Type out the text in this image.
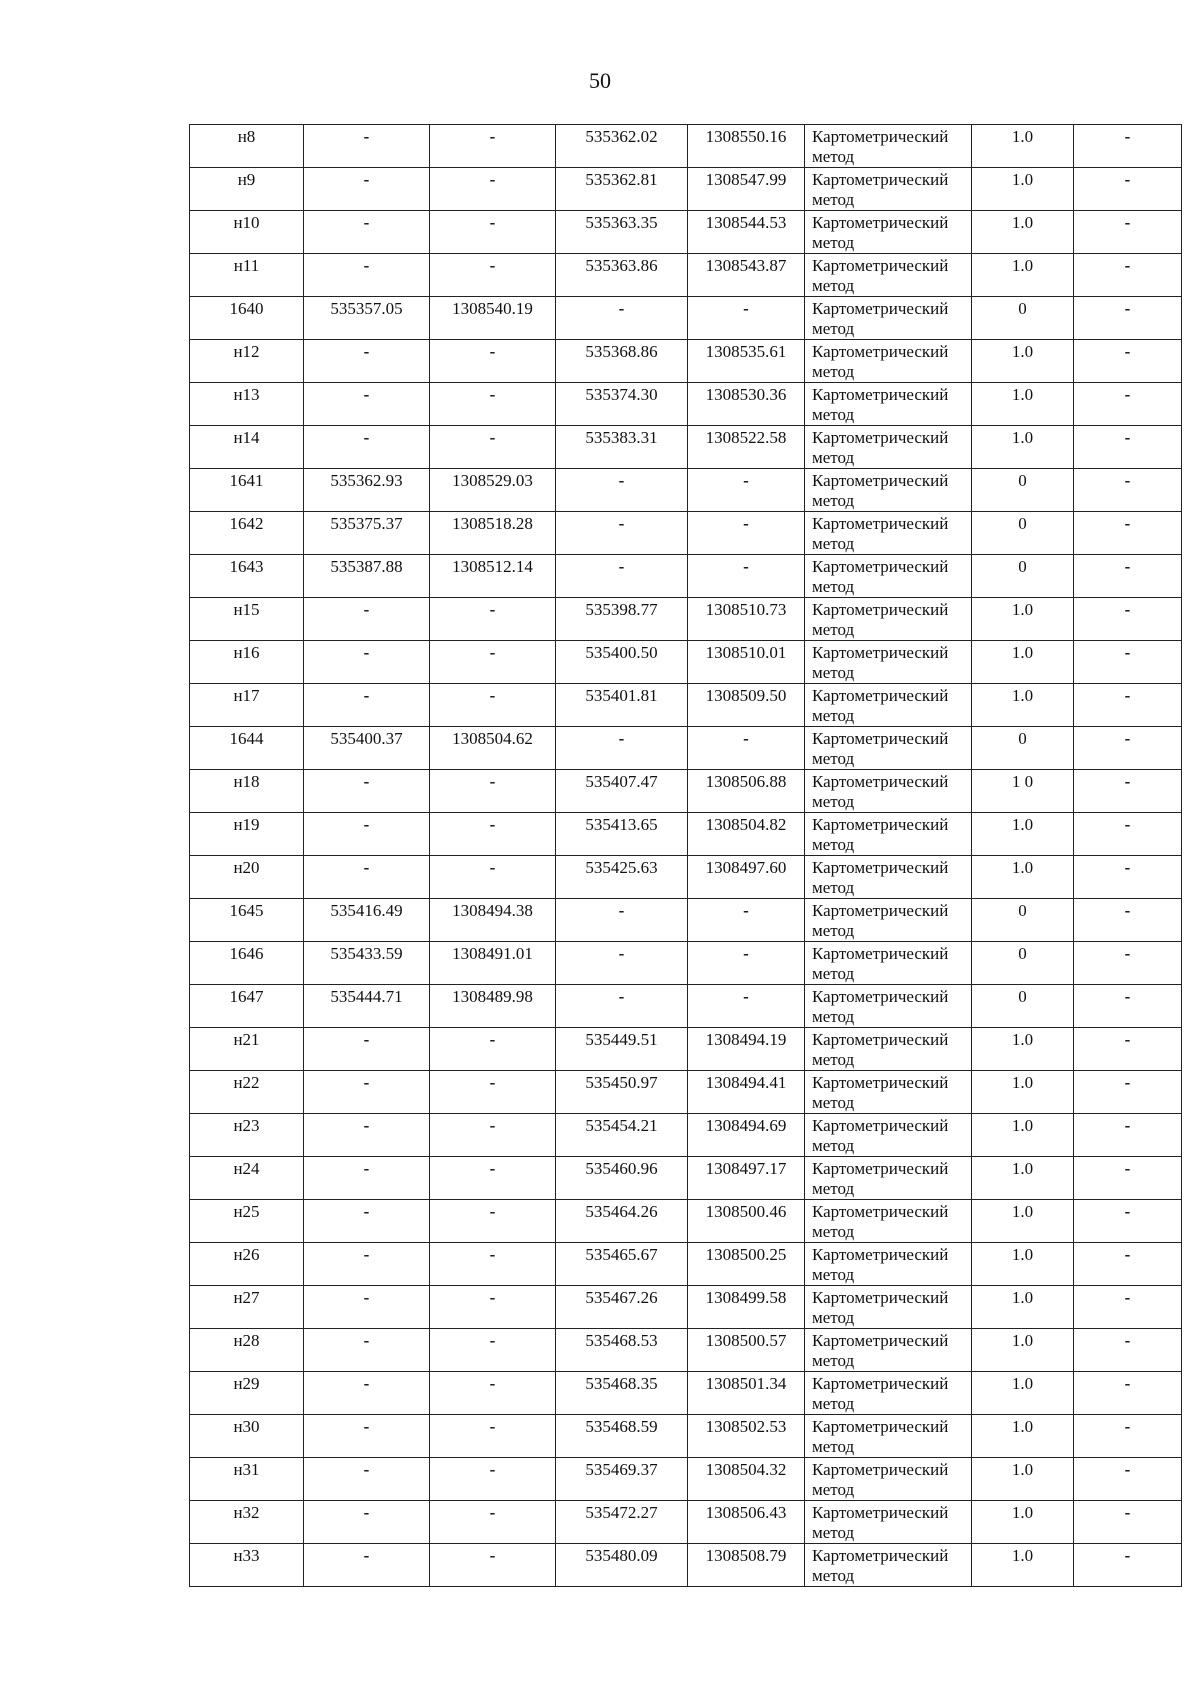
50
н8	-	-	535362.02	1308550.16	Картометрический метод	1.0	-
н9	-	-	535362.81	1308547.99	Картометрический метод	1.0	-
н10	-	-	535363.35	1308544.53	Картометрический метод	1.0	-
н11	-	-	535363.86	1308543.87	Картометрический метод	1.0	-
1640	535357.05	1308540.19	-	-	Картометрический метод	0	-
н12	-	-	535368.86	1308535.61	Картометрический метод	1.0	-
н13	-	-	535374.30	1308530.36	Картометрический метод	1.0	-
н14	-	-	535383.31	1308522.58	Картометрический метод	1.0	-
1641	535362.93	1308529.03	-	-	Картометрический метод	0	-
1642	535375.37	1308518.28	-	-	Картометрический метод	0	-
1643	535387.88	1308512.14	-	-	Картометрический метод	0	-
н15	-	-	535398.77	1308510.73	Картометрический метод	1.0	-
н16	-	-	535400.50	1308510.01	Картометрический метод	1.0	-
н17	-	-	535401.81	1308509.50	Картометрический метод	1.0	-
1644	535400.37	1308504.62	-	-	Картометрический метод	0	-
н18	-	-	535407.47	1308506.88	Картометрический метод	1 0	-
н19	-	-	535413.65	1308504.82	Картометрический метод	1.0	-
н20	-	-	535425.63	1308497.60	Картометрический метод	1.0	-
1645	535416.49	1308494.38	-	-	Картометрический метод	0	-
1646	535433.59	1308491.01	-	-	Картометрический метод	0	-
1647	535444.71	1308489.98	-	-	Картометрический метод	0	-
н21	-	-	535449.51	1308494.19	Картометрический метод	1.0	-
н22	-	-	535450.97	1308494.41	Картометрический метод	1.0	-
н23	-	-	535454.21	1308494.69	Картометрический метод	1.0	-
н24	-	-	535460.96	1308497.17	Картометрический метод	1.0	-
н25	-	-	535464.26	1308500.46	Картометрический метод	1.0	-
н26	-	-	535465.67	1308500.25	Картометрический метод	1.0	-
н27	-	-	535467.26	1308499.58	Картометрический метод	1.0	-
н28	-	-	535468.53	1308500.57	Картометрический метод	1.0	-
н29	-	-	535468.35	1308501.34	Картометрический метод	1.0	-
н30	-	-	535468.59	1308502.53	Картометрический метод	1.0	-
н31	-	-	535469.37	1308504.32	Картометрический метод	1.0	-
н32	-	-	535472.27	1308506.43	Картометрический метод	1.0	-
н33	-	-	535480.09	1308508.79	Картометрический метод	1.0	-
